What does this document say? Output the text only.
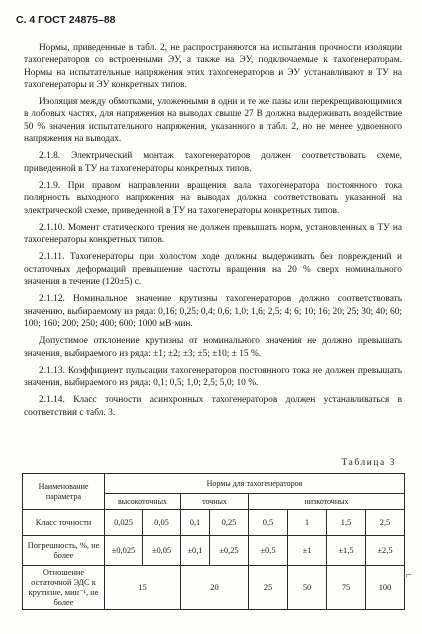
С. 4 ГОСТ 24875–88

Нормы, приведенные в табл. 2, не распространяются на испытания прочности изоляции тахогенераторов со встроенными ЭУ, а также на ЭУ, подключаемые к тахогенераторам. Нормы на испытательные напряжения этих тахогенераторов и ЭУ устанавливают в ТУ на тахогенераторы и ЭУ конкретных типов.

Изоляция между обмотками, уложенными в одни и те же пазы или перекрещивающимися в лобовых частях, для напряжения на выводах свыше 27 В должна выдерживать воздействие 50 % значения испытательного напряжения, указанного в табл. 2, но не менее удвоенного напряжения на выводах.

2.1.8. Электрический монтаж тахогенераторов должен соответствовать схеме, приведенной в ТУ на тахогенераторы конкретных типов.

2.1.9. При правом направлении вращения вала тахогенератора постоянного тока полярность выходного напряжения на выводах должна соответствовать указанной на электрической схеме, приведенной в ТУ на тахогенераторы конкретных типов.

2.1.10. Момент статического трения не должен превышать норм, установленных в ТУ на тахогенераторы конкретных типов.

2.1.11. Тахогенераторы при холостом ходе должны выдерживать без повреждений и остаточных деформаций превышение частоты вращения на 20 % сверх номинального значения в течение (120±5) с.

2.1.12. Номинальное значение крутизны тахогенераторов должно соответствовать значению, выбираемому из ряда: 0,16; 0,25; 0,4; 0,6; 1,0; 1,6; 2,5; 4; 6; 10; 16; 20; 25; 30; 40; 60; 100; 160; 200; 250; 400; 600; 1000 мВ·мин.

Допустимое отклонение крутизны от номинального значения не должно превышать значения, выбираемого из ряда: ±1; ±2; ±3; ±5; ±10; ± 15 %.

2.1.13. Коэффициент пульсации тахогенераторов постоянного тока не должен превышать значения, выбираемого из ряда: 0,1; 0,5; 1,0; 2,5; 5,0; 10 %.

2.1.14. Класс точности асинхронных тахогенераторов должен устанавливаться в соответствии с табл. 3.

Таблица 3
Наименование параметра	Нормы для тахогенераторов							
	высокоточных		точных		низкоточных			
Класс точности	0,025	0,05	0,1	0,25	0,5	1	1,5	2,5
Погрешность, %, не более	±0,025	±0,05	±0,1	±0,25	±0,5	±1	±1,5	±2,5
Отношение остаточной ЭДС к крутизне, мин⁻¹, не более	15		20		25	50	75	100
⌐
